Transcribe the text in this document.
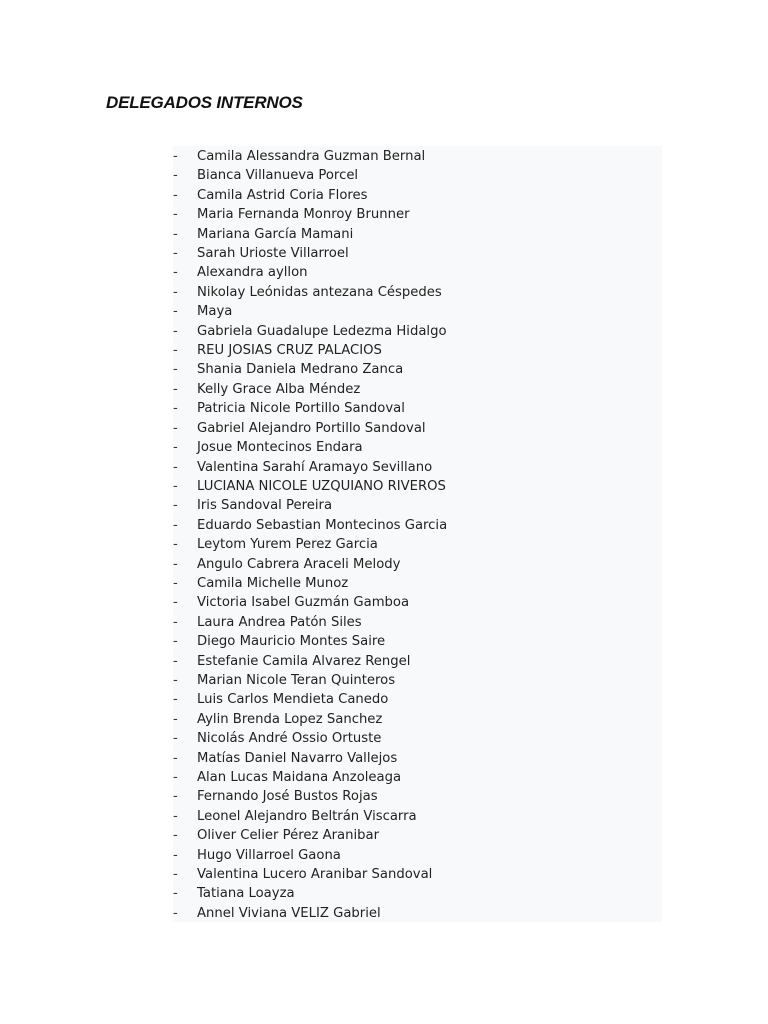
DELEGADOS INTERNOS
-	Camila Alessandra Guzman Bernal
-	Bianca Villanueva Porcel
-	Camila Astrid Coria Flores
-	Maria Fernanda Monroy Brunner
-	Mariana García Mamani
-	Sarah Urioste Villarroel
-	Alexandra ayllon
-	Nikolay Leónidas antezana Céspedes
-	Maya
-	Gabriela Guadalupe Ledezma Hidalgo
-	REU JOSIAS CRUZ PALACIOS
-	Shania Daniela Medrano Zanca
-	Kelly Grace Alba Méndez
-	Patricia Nicole Portillo Sandoval
-	Gabriel Alejandro Portillo Sandoval
-	Josue Montecinos Endara
-	Valentina Sarahí Aramayo Sevillano
-	LUCIANA NICOLE UZQUIANO RIVEROS
-	Iris Sandoval Pereira
-	Eduardo Sebastian Montecinos Garcia
-	Leytom Yurem Perez Garcia
-	Angulo Cabrera Araceli Melody
-	Camila Michelle Munoz
-	Victoria Isabel Guzmán Gamboa
-	Laura Andrea Patón Siles
-	Diego Mauricio Montes Saire
-	Estefanie Camila Alvarez Rengel
-	Marian Nicole Teran Quinteros
-	Luis Carlos Mendieta Canedo
-	Aylin Brenda Lopez Sanchez
-	Nicolás André Ossio Ortuste
-	Matías Daniel Navarro Vallejos
-	Alan Lucas Maidana Anzoleaga
-	Fernando José Bustos Rojas
-	Leonel Alejandro Beltrán Viscarra
-	Oliver Celier Pérez Aranibar
-	Hugo Villarroel Gaona
-	Valentina Lucero Aranibar Sandoval
-	Tatiana Loayza
-	Annel Viviana VELIZ Gabriel
